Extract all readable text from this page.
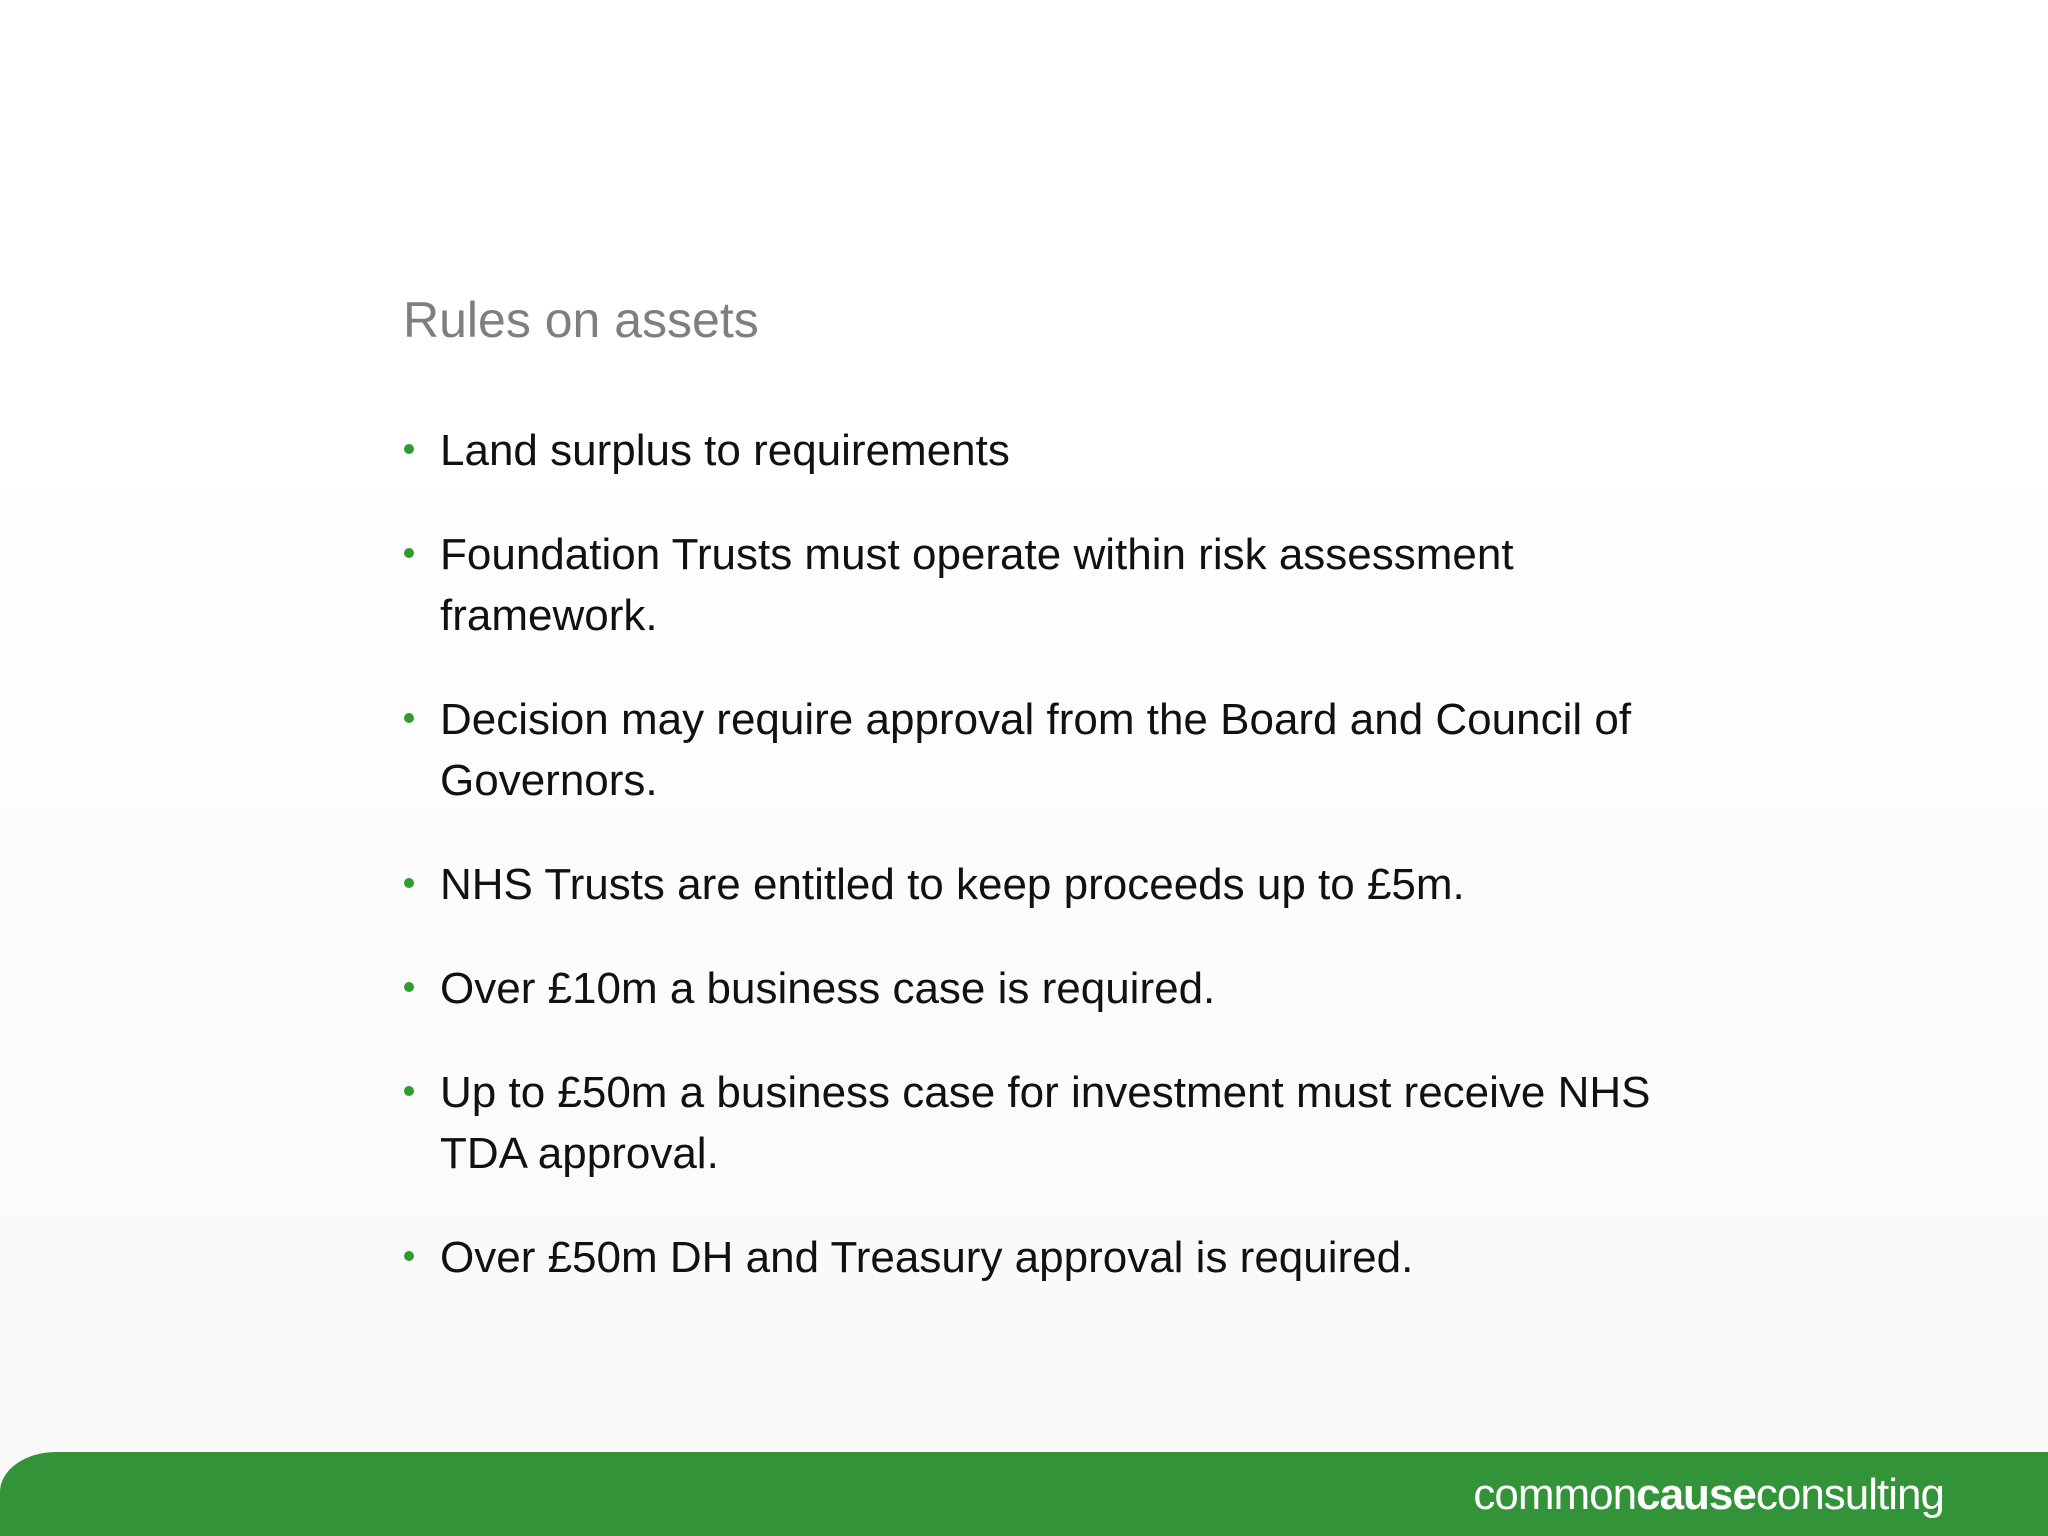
Rules on assets
Land surplus to requirements
Foundation Trusts must operate within risk assessment framework.
Decision may require approval from the Board and Council of Governors.
NHS Trusts are entitled to keep proceeds up to £5m.
Over £10m a business case is required.
Up to £50m a business case for investment must receive NHS TDA approval.
Over £50m DH and Treasury approval is required.
commoncauseconsulting
